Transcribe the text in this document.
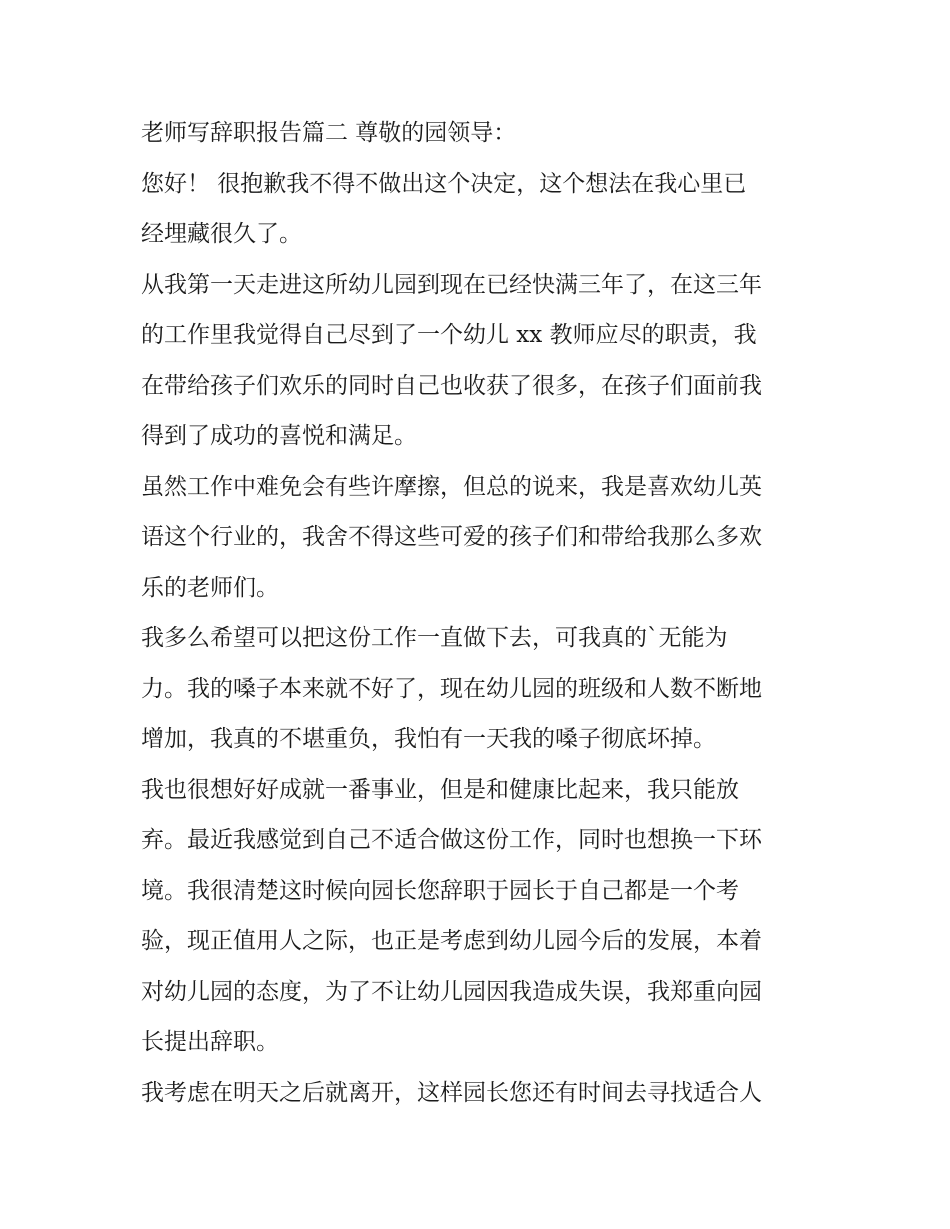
老师写辞职报告篇二 尊敬的园领导：
您好！ 很抱歉我不得不做出这个决定，这个想法在我心里已
经埋藏很久了。
从我第一天走进这所幼儿园到现在已经快满三年了，在这三年
的工作里我觉得自己尽到了一个幼儿 xx 教师应尽的职责，我
在带给孩子们欢乐的同时自己也收获了很多，在孩子们面前我
得到了成功的喜悦和满足。
虽然工作中难免会有些许摩擦，但总的说来，我是喜欢幼儿英
语这个行业的，我舍不得这些可爱的孩子们和带给我那么多欢
乐的老师们。
我多么希望可以把这份工作一直做下去，可我真的`无能为
力。我的嗓子本来就不好了，现在幼儿园的班级和人数不断地
增加，我真的不堪重负，我怕有一天我的嗓子彻底坏掉。
我也很想好好成就一番事业，但是和健康比起来，我只能放
弃。最近我感觉到自己不适合做这份工作，同时也想换一下环
境。我很清楚这时候向园长您辞职于园长于自己都是一个考
验，现正值用人之际，也正是考虑到幼儿园今后的发展，本着
对幼儿园的态度，为了不让幼儿园因我造成失误，我郑重向园
长提出辞职。
我考虑在明天之后就离开，这样园长您还有时间去寻找适合人
